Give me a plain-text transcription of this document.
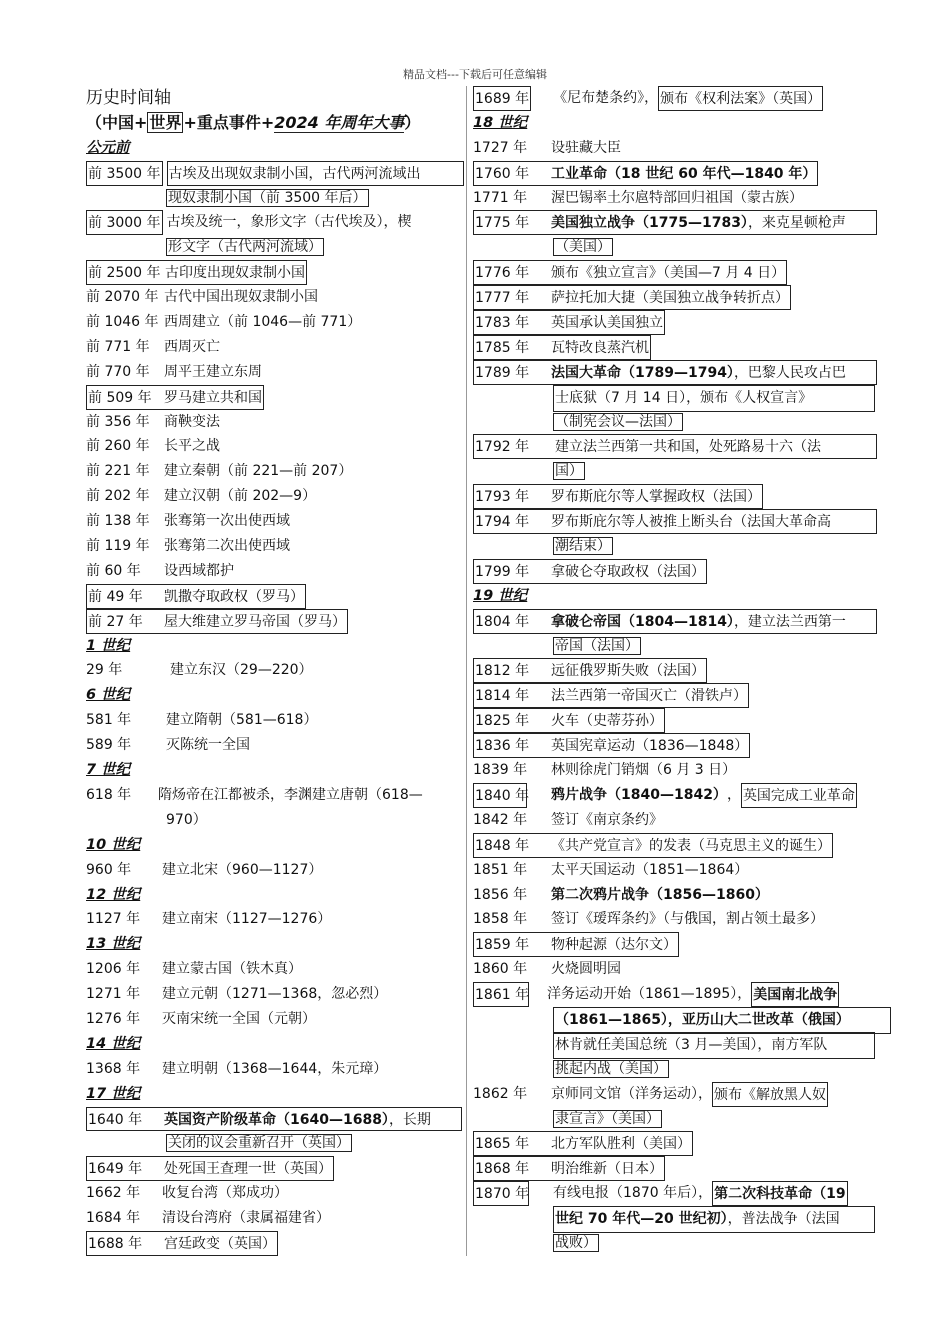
精品文档---下载后可任意编辑
历史时间轴
（中国+ 世界 +重点事件+2024 年周年大事）
公元前
前 3500 年 古埃及出现奴隶制小国，古代两河流域出
现奴隶制小国（前 3500 年后）
前 3000 年 古埃及统一，象形文字（古代埃及），楔
形文字（古代两河流域）
前 2500 年 古印度出现奴隶制小国
前 2070 年 古代中国出现奴隶制小国
前 1046 年 西周建立（前 1046—前 771）
前 771 年	西周灭亡
前 770 年	周平王建立东周
前 509 年 罗马建立共和国
前 356 年	商鞅变法
前 260 年	长平之战
前 221 年	建立秦朝（前 221—前 207）
前 202 年	建立汉朝（前 202—9）
前 138 年	张骞第一次出使西域
前 119 年	张骞第二次出使西域
前 60 年	设西域都护
前 49 年 凯撒夺取政权（罗马）
前 27 年 屋大维建立罗马帝国（罗马）
1 世纪
29 年	建立东汉（29—220）
6 世纪
581 年	建立隋朝（581—618）
589 年	灭陈统一全国
7 世纪
618 年	隋炀帝在江都被杀，李渊建立唐朝（618—
970）
10 世纪
960 年	建立北宋（960—1127）
12 世纪
1127 年	建立南宋（1127—1276）
13 世纪
1206 年	建立蒙古国（铁木真）
1271 年	建立元朝（1271—1368，忽必烈）
1276 年	灭南宋统一全国（元朝）
14 世纪
1368 年	建立明朝（1368—1644，朱元璋）
17 世纪
1640 年 英国资产阶级革命（1640—1688），长期
关闭的议会重新召开（英国）
1649 年 处死国王查理一世（英国）
1662 年	收复台湾（郑成功）
1684 年	清设台湾府（隶属福建省）
1688 年 宫廷政变（英国）
1689 年 《尼布楚条约》， 颁布《权利法案》（英国）
18 世纪
1727 年	设驻藏大臣
1760 年 工业革命（18 世纪 60 年代—1840 年）
1771 年	渥巴锡率土尔扈特部回归祖国（蒙古族）
1775 年 美国独立战争（1775—1783），来克星顿枪声
（美国）
1776 年 颁布《独立宣言》（美国—7 月 4 日）
1777 年 萨拉托加大捷（美国独立战争转折点）
1783 年 英国承认美国独立
1785 年 瓦特改良蒸汽机
1789 年 法国大革命（1789—1794），巴黎人民攻占巴
士底狱（7 月 14 日），颁布《人权宣言》
（制宪会议—法国）
1792 年 建立法兰西第一共和国，处死路易十六（法
国）
1793 年 罗布斯庇尔等人掌握政权（法国）
1794 年 罗布斯庇尔等人被推上断头台（法国大革命高
潮结束）
1799 年 拿破仑夺取政权（法国）
19 世纪
1804 年 拿破仑帝国（1804—1814），建立法兰西第一
帝国（法国）
1812 年 远征俄罗斯失败（法国）
1814 年 法兰西第一帝国灭亡（滑铁卢）
1825 年 火车（史蒂芬孙）
1836 年 英国宪章运动（1836—1848）
1839 年	林则徐虎门销烟（6 月 3 日）
1840 年 鸦片战争（1840—1842） ， 英国完成工业革命
1842 年	签订《南京条约》
1848 年 《共产党宣言》的发表（马克思主义的诞生）
1851 年	太平天国运动（1851—1864）
1856 年	第二次鸦片战争（1856—1860）
1858 年	签订《瑷珲条约》（与俄国，割占领土最多）
1859 年 物种起源（达尔文）
1860 年	火烧圆明园
1861 年 洋务运动开始（1861—1895）， 美国南北战争
（1861—1865），亚历山大二世改革（俄国）
林肯就任美国总统（3 月—美国），南方军队
挑起内战（美国）
1862 年	京师同文馆（洋务运动）， 颁布《解放黑人奴
隶宣言》（美国）
1865 年 北方军队胜利（美国）
1868 年 明治维新（日本）
1870 年 有线电报（1870 年后）， 第二次科技革命（19
世纪 70 年代—20 世纪初），普法战争（法国
战败）
